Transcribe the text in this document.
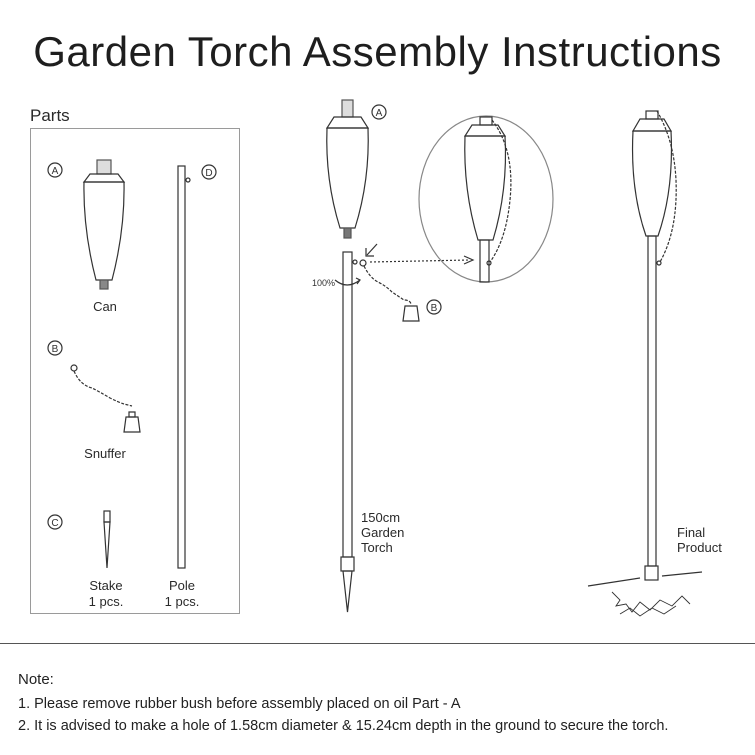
Garden Torch Assembly Instructions
Parts
A	D
B
C
A
100%
B
Can
Snuffer
Stake
1 pcs.
Pole
1 pcs.
150cm
Garden
Torch
Final
Product
Note:
1. Please remove rubber bush before assembly placed on oil Part - A
2. It is advised to make a hole of 1.58cm diameter & 15.24cm depth in the ground to secure the torch.
